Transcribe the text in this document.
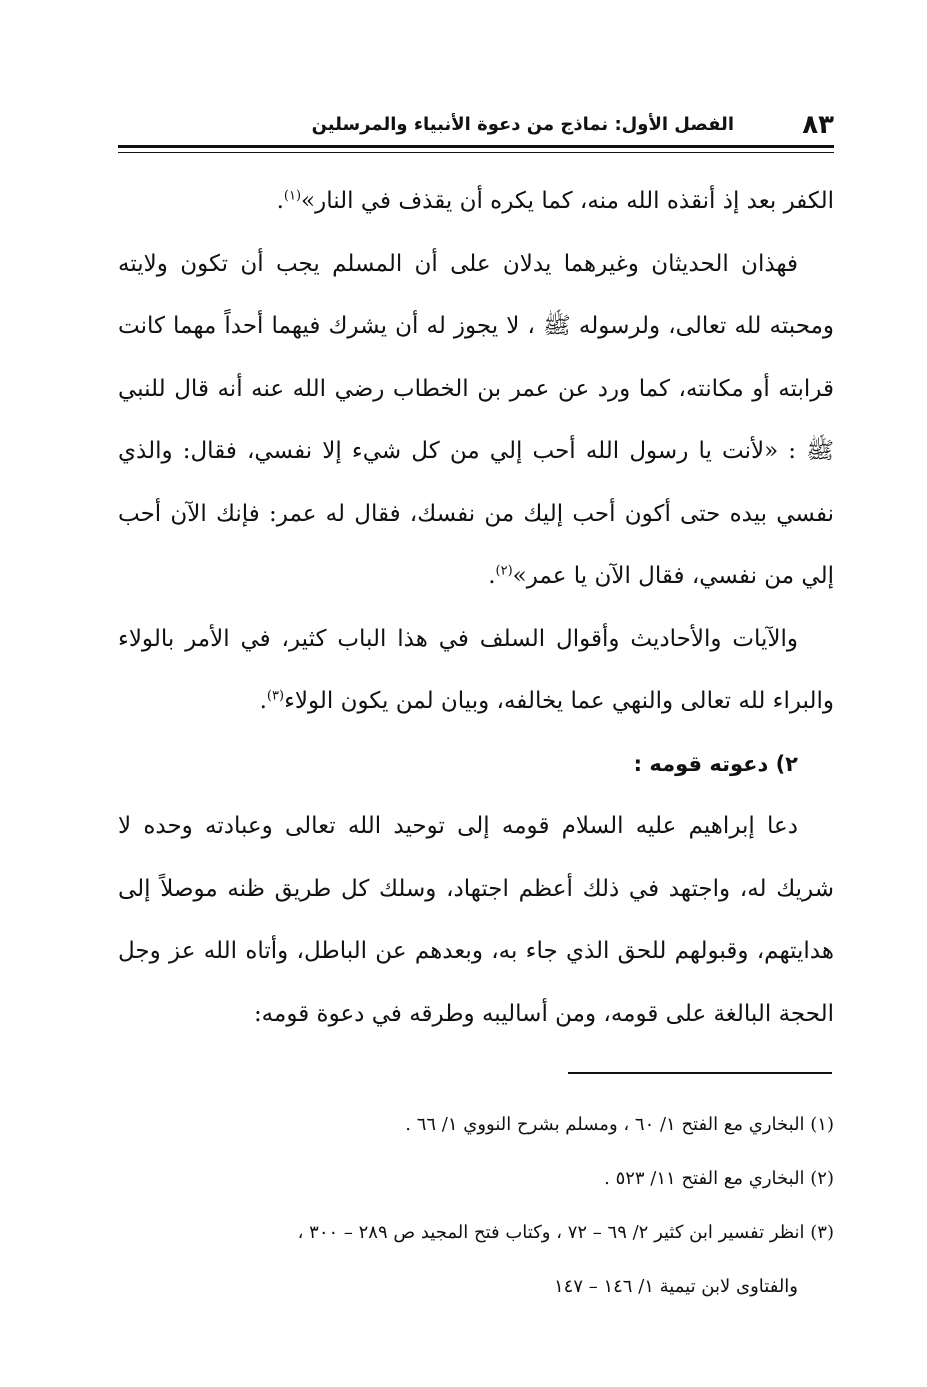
٨٣
الفصل الأول: نماذج من دعوة الأنبياء والمرسلين

الكفر بعد إذ أنقذه الله منه، كما يكره أن يقذف في النار»$^{(١)}$.

فهذان الحديثان وغيرهما يدلان على أن المسلم يجب أن تكون ولايته ومحبته لله تعالى، ولرسوله ﷺ ، لا يجوز له أن يشرك فيهما أحداً مهما كانت قرابته أو مكانته، كما ورد عن عمر بن الخطاب رضي الله عنه أنه قال للنبي ﷺ : «لأنت يا رسول الله أحب إلي من كل شيء إلا نفسي، فقال: والذي نفسي بيده حتى أكون أحب إليك من نفسك، فقال له عمر: فإنك الآن أحب إلي من نفسي، فقال الآن يا عمر»$^{(٢)}$.

والآيات والأحاديث وأقوال السلف في هذا الباب كثير، في الأمر بالولاء والبراء لله تعالى والنهي عما يخالفه، وبيان لمن يكون الولاء$^{(٣)}$.

٢) دعوته قومه :

دعا إبراهيم عليه السلام قومه إلى توحيد الله تعالى وعبادته وحده لا شريك له، واجتهد في ذلك أعظم اجتهاد، وسلك كل طريق ظنه موصلاً إلى هدايتهم، وقبولهم للحق الذي جاء به، وبعدهم عن الباطل، وأتاه الله عز وجل الحجة البالغة على قومه، ومن أساليبه وطرقه في دعوة قومه:

(١) البخاري مع الفتح ١/ ٦٠ ، ومسلم بشرح النووي ١/ ٦٦ .

(٢) البخاري مع الفتح ١١/ ٥٢٣ .

(٣) انظر تفسير ابن كثير ٢/ ٦٩ – ٧٢ ، وكتاب فتح المجيد ص ٢٨٩ – ٣٠٠ ،

والفتاوى لابن تيمية ١/ ١٤٦ – ١٤٧
